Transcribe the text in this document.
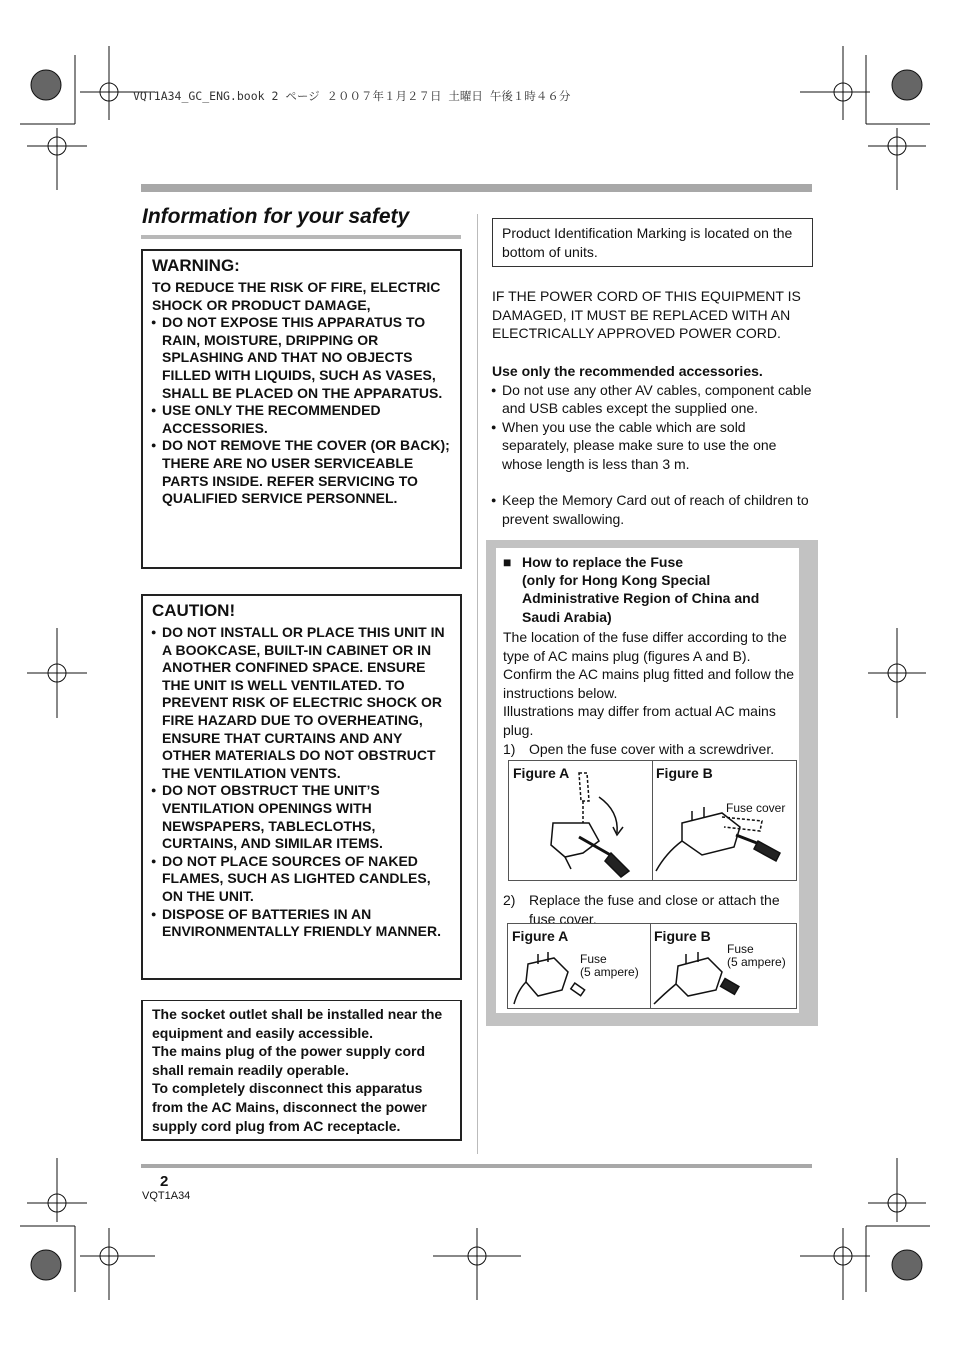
VQT1A34_GC_ENG.book 2 ページ ２００７年１月２７日 土曜日 午後１時４６分
Information for your safety
WARNING:
TO REDUCE THE RISK OF FIRE, ELECTRIC SHOCK OR PRODUCT DAMAGE,
● DO NOT EXPOSE THIS APPARATUS TO RAIN, MOISTURE, DRIPPING OR SPLASHING AND THAT NO OBJECTS FILLED WITH LIQUIDS, SUCH AS VASES, SHALL BE PLACED ON THE APPARATUS.
● USE ONLY THE RECOMMENDED ACCESSORIES.
● DO NOT REMOVE THE COVER (OR BACK); THERE ARE NO USER SERVICEABLE PARTS INSIDE. REFER SERVICING TO QUALIFIED SERVICE PERSONNEL.
CAUTION!
● DO NOT INSTALL OR PLACE THIS UNIT IN A BOOKCASE, BUILT-IN CABINET OR IN ANOTHER CONFINED SPACE. ENSURE THE UNIT IS WELL VENTILATED. TO PREVENT RISK OF ELECTRIC SHOCK OR FIRE HAZARD DUE TO OVERHEATING, ENSURE THAT CURTAINS AND ANY OTHER MATERIALS DO NOT OBSTRUCT THE VENTILATION VENTS.
● DO NOT OBSTRUCT THE UNIT’S VENTILATION OPENINGS WITH NEWSPAPERS, TABLECLOTHS, CURTAINS, AND SIMILAR ITEMS.
● DO NOT PLACE SOURCES OF NAKED FLAMES, SUCH AS LIGHTED CANDLES, ON THE UNIT.
● DISPOSE OF BATTERIES IN AN ENVIRONMENTALLY FRIENDLY MANNER.
The socket outlet shall be installed near the equipment and easily accessible.
The mains plug of the power supply cord shall remain readily operable.
To completely disconnect this apparatus from the AC Mains, disconnect the power supply cord plug from AC receptacle.
Product Identification Marking is located on the bottom of units.
IF THE POWER CORD OF THIS EQUIPMENT IS DAMAGED, IT MUST BE REPLACED WITH AN ELECTRICALLY APPROVED POWER CORD.
Use only the recommended accessories.
● Do not use any other AV cables, component cable and USB cables except the supplied one.
● When you use the cable which are sold separately, please make sure to use the one whose length is less than 3 m.
● Keep the Memory Card out of reach of children to prevent swallowing.
■ How to replace the Fuse
(only for Hong Kong Special Administrative Region of China and Saudi Arabia)
The location of the fuse differ according to the type of AC mains plug (figures A and B).
Confirm the AC mains plug fitted and follow the instructions below.
Illustrations may differ from actual AC mains plug.
1) Open the fuse cover with a screwdriver.
Figure A	Figure B
Fuse cover
2) Replace the fuse and close or attach the fuse cover.
Figure A
Fuse
(5 ampere)
Figure B
Fuse
(5 ampere)
2
VQT1A34
